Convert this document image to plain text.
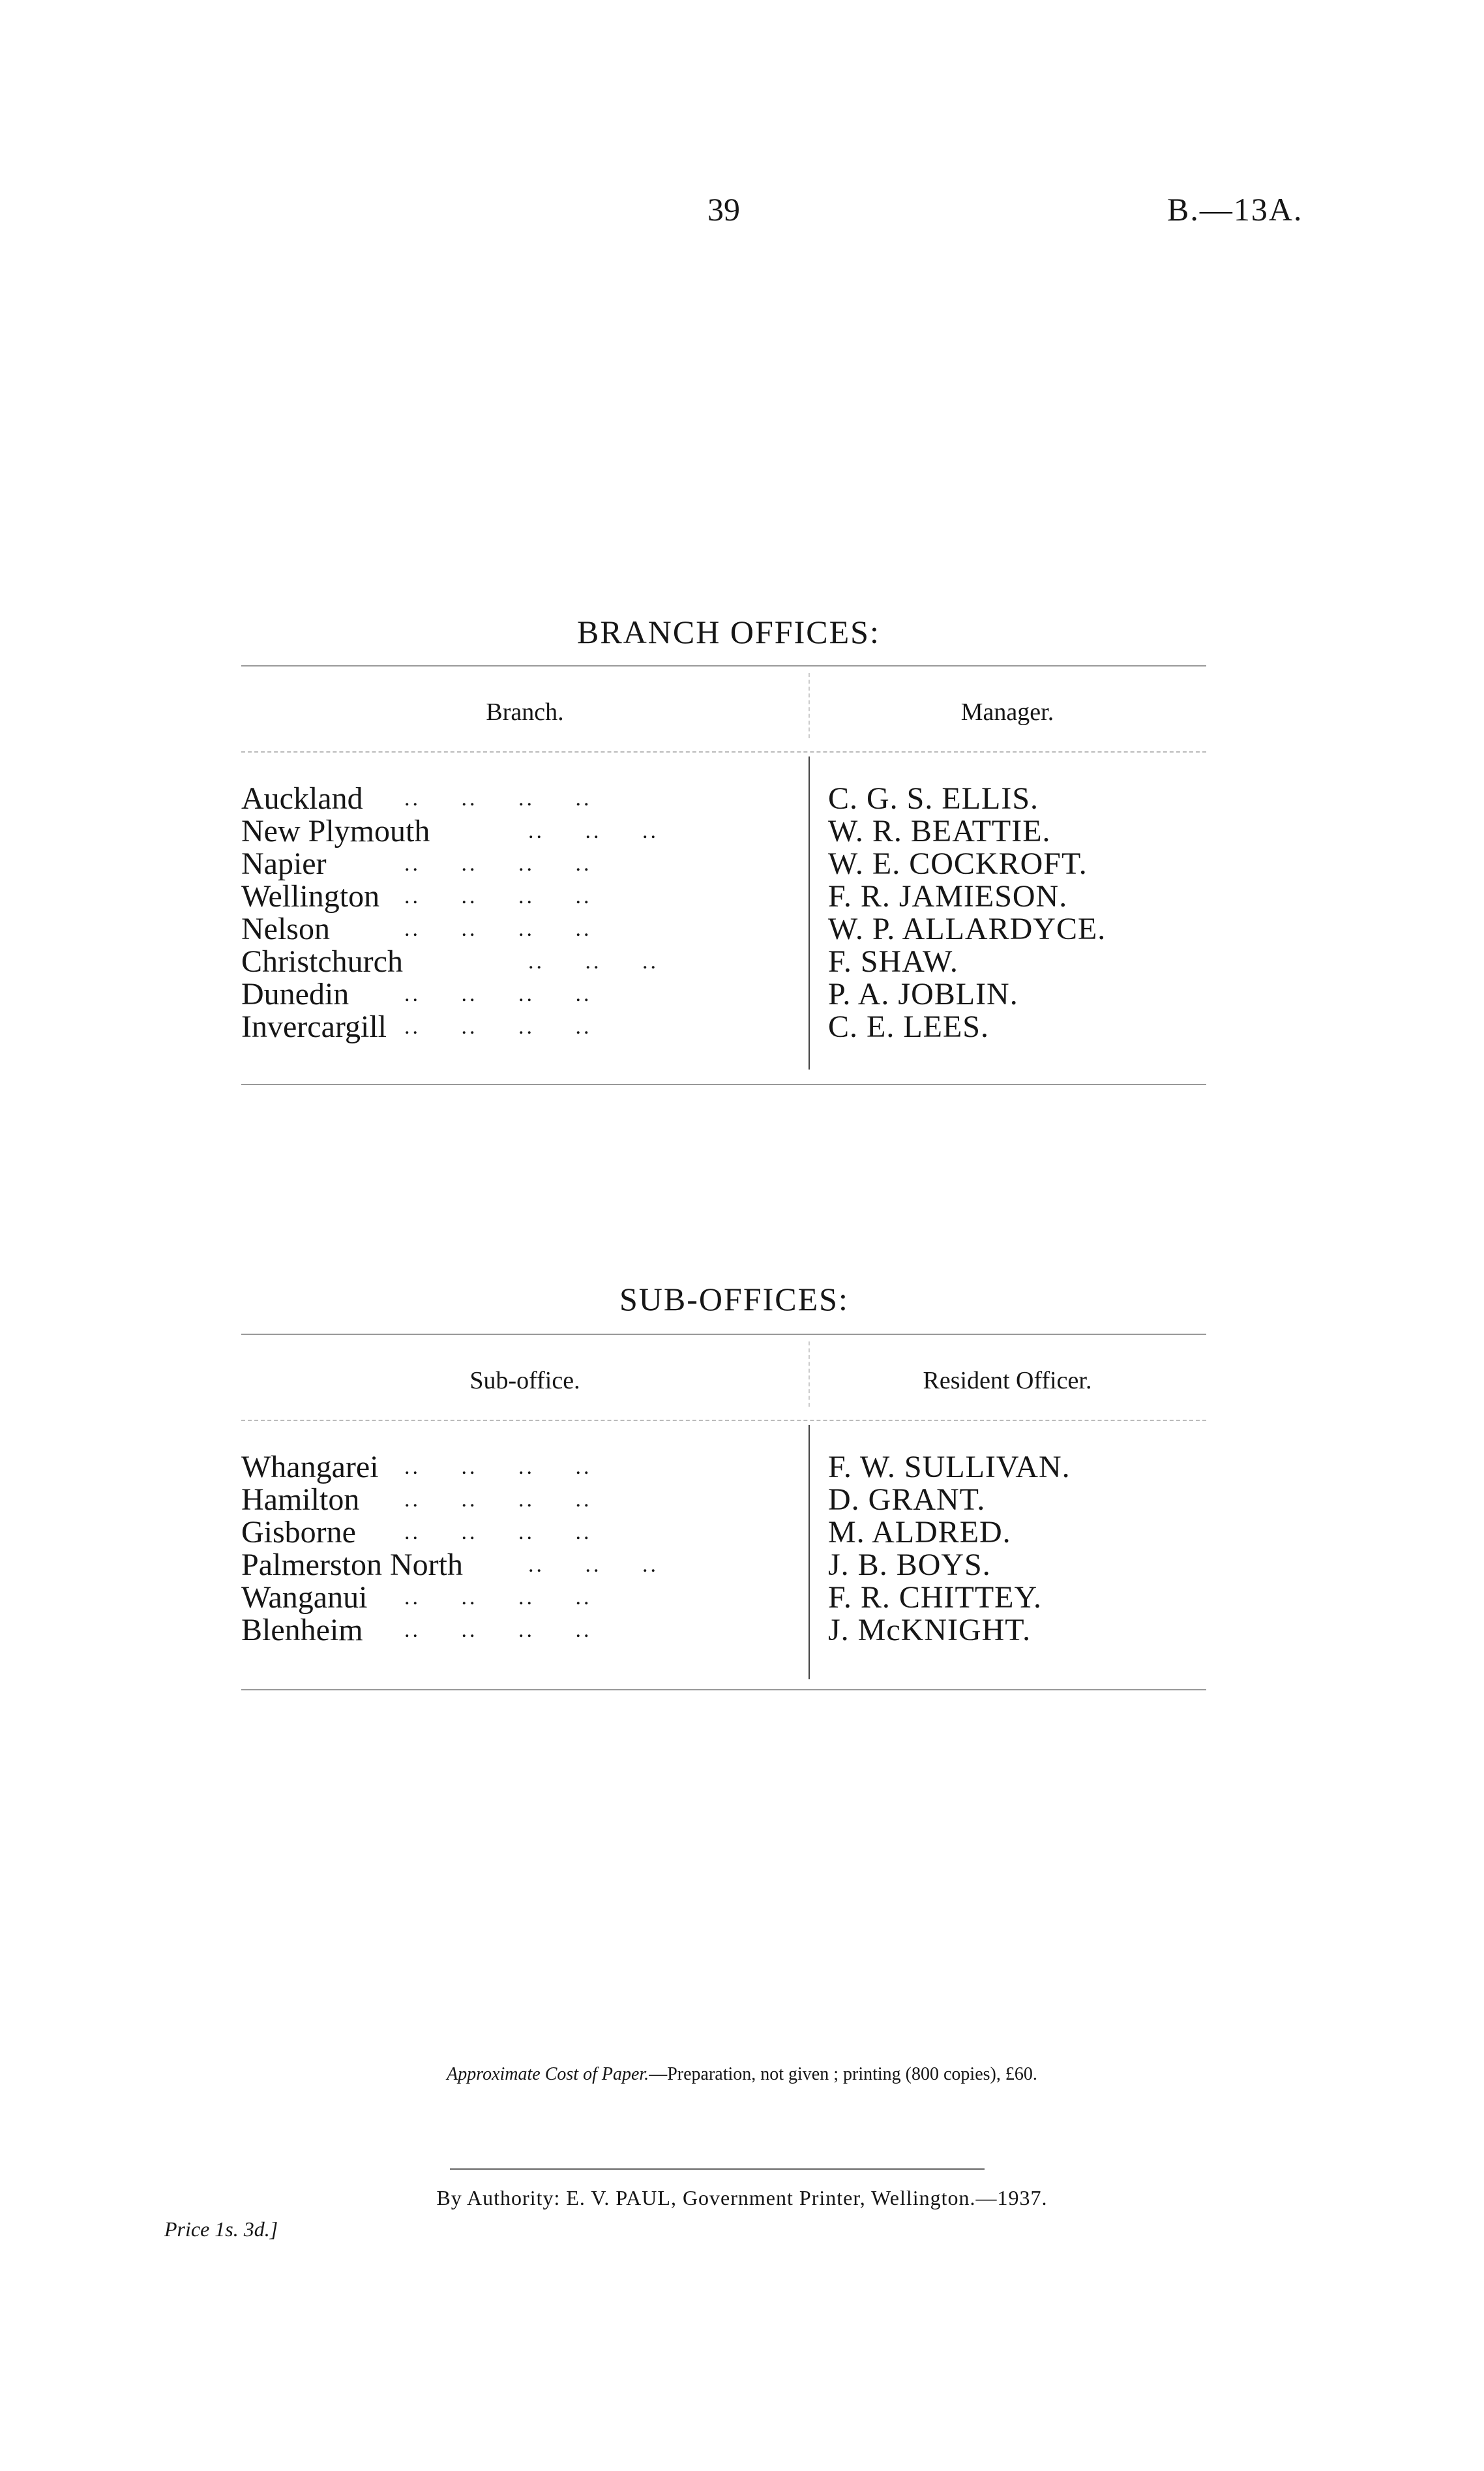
39	B.—13A.
BRANCH OFFICES:
Branch.	Manager.
Auckland ..     ..     ..     ..	C. G. S. ELLIS.
New Plymouth	..     ..     ..	W. R. BEATTIE.
Napier	..     ..     ..     ..	W. E. COCKROFT.
Wellington ..     ..     ..     ..	F. R. JAMIESON.
Nelson	..     ..     ..     ..	W. P. ALLARDYCE.
Christchurch	..     ..     ..	F. SHAW.
Dunedin ..     ..     ..     ..	P. A. JOBLIN.
Invercargill ..     ..     ..     ..	C. E. LEES.
SUB-OFFICES:
Sub-office.	Resident Officer.
Whangarei ..     ..     ..     ..	F. W. SULLIVAN.
Hamilton ..     ..     ..     ..	D. GRANT.
Gisborne ..     ..     ..     ..	M. ALDRED.
Palmerston North	..     ..     ..	J. B. BOYS.
Wanganui ..     ..     ..     ..	F. R. CHITTEY.
Blenheim ..     ..     ..     ..	J. McKNIGHT.
Approximate Cost of Paper.—Preparation, not given ; printing (800 copies), £60.
By Authority: E. V. PAUL, Government Printer, Wellington.—1937.
Price 1s. 3d.]
